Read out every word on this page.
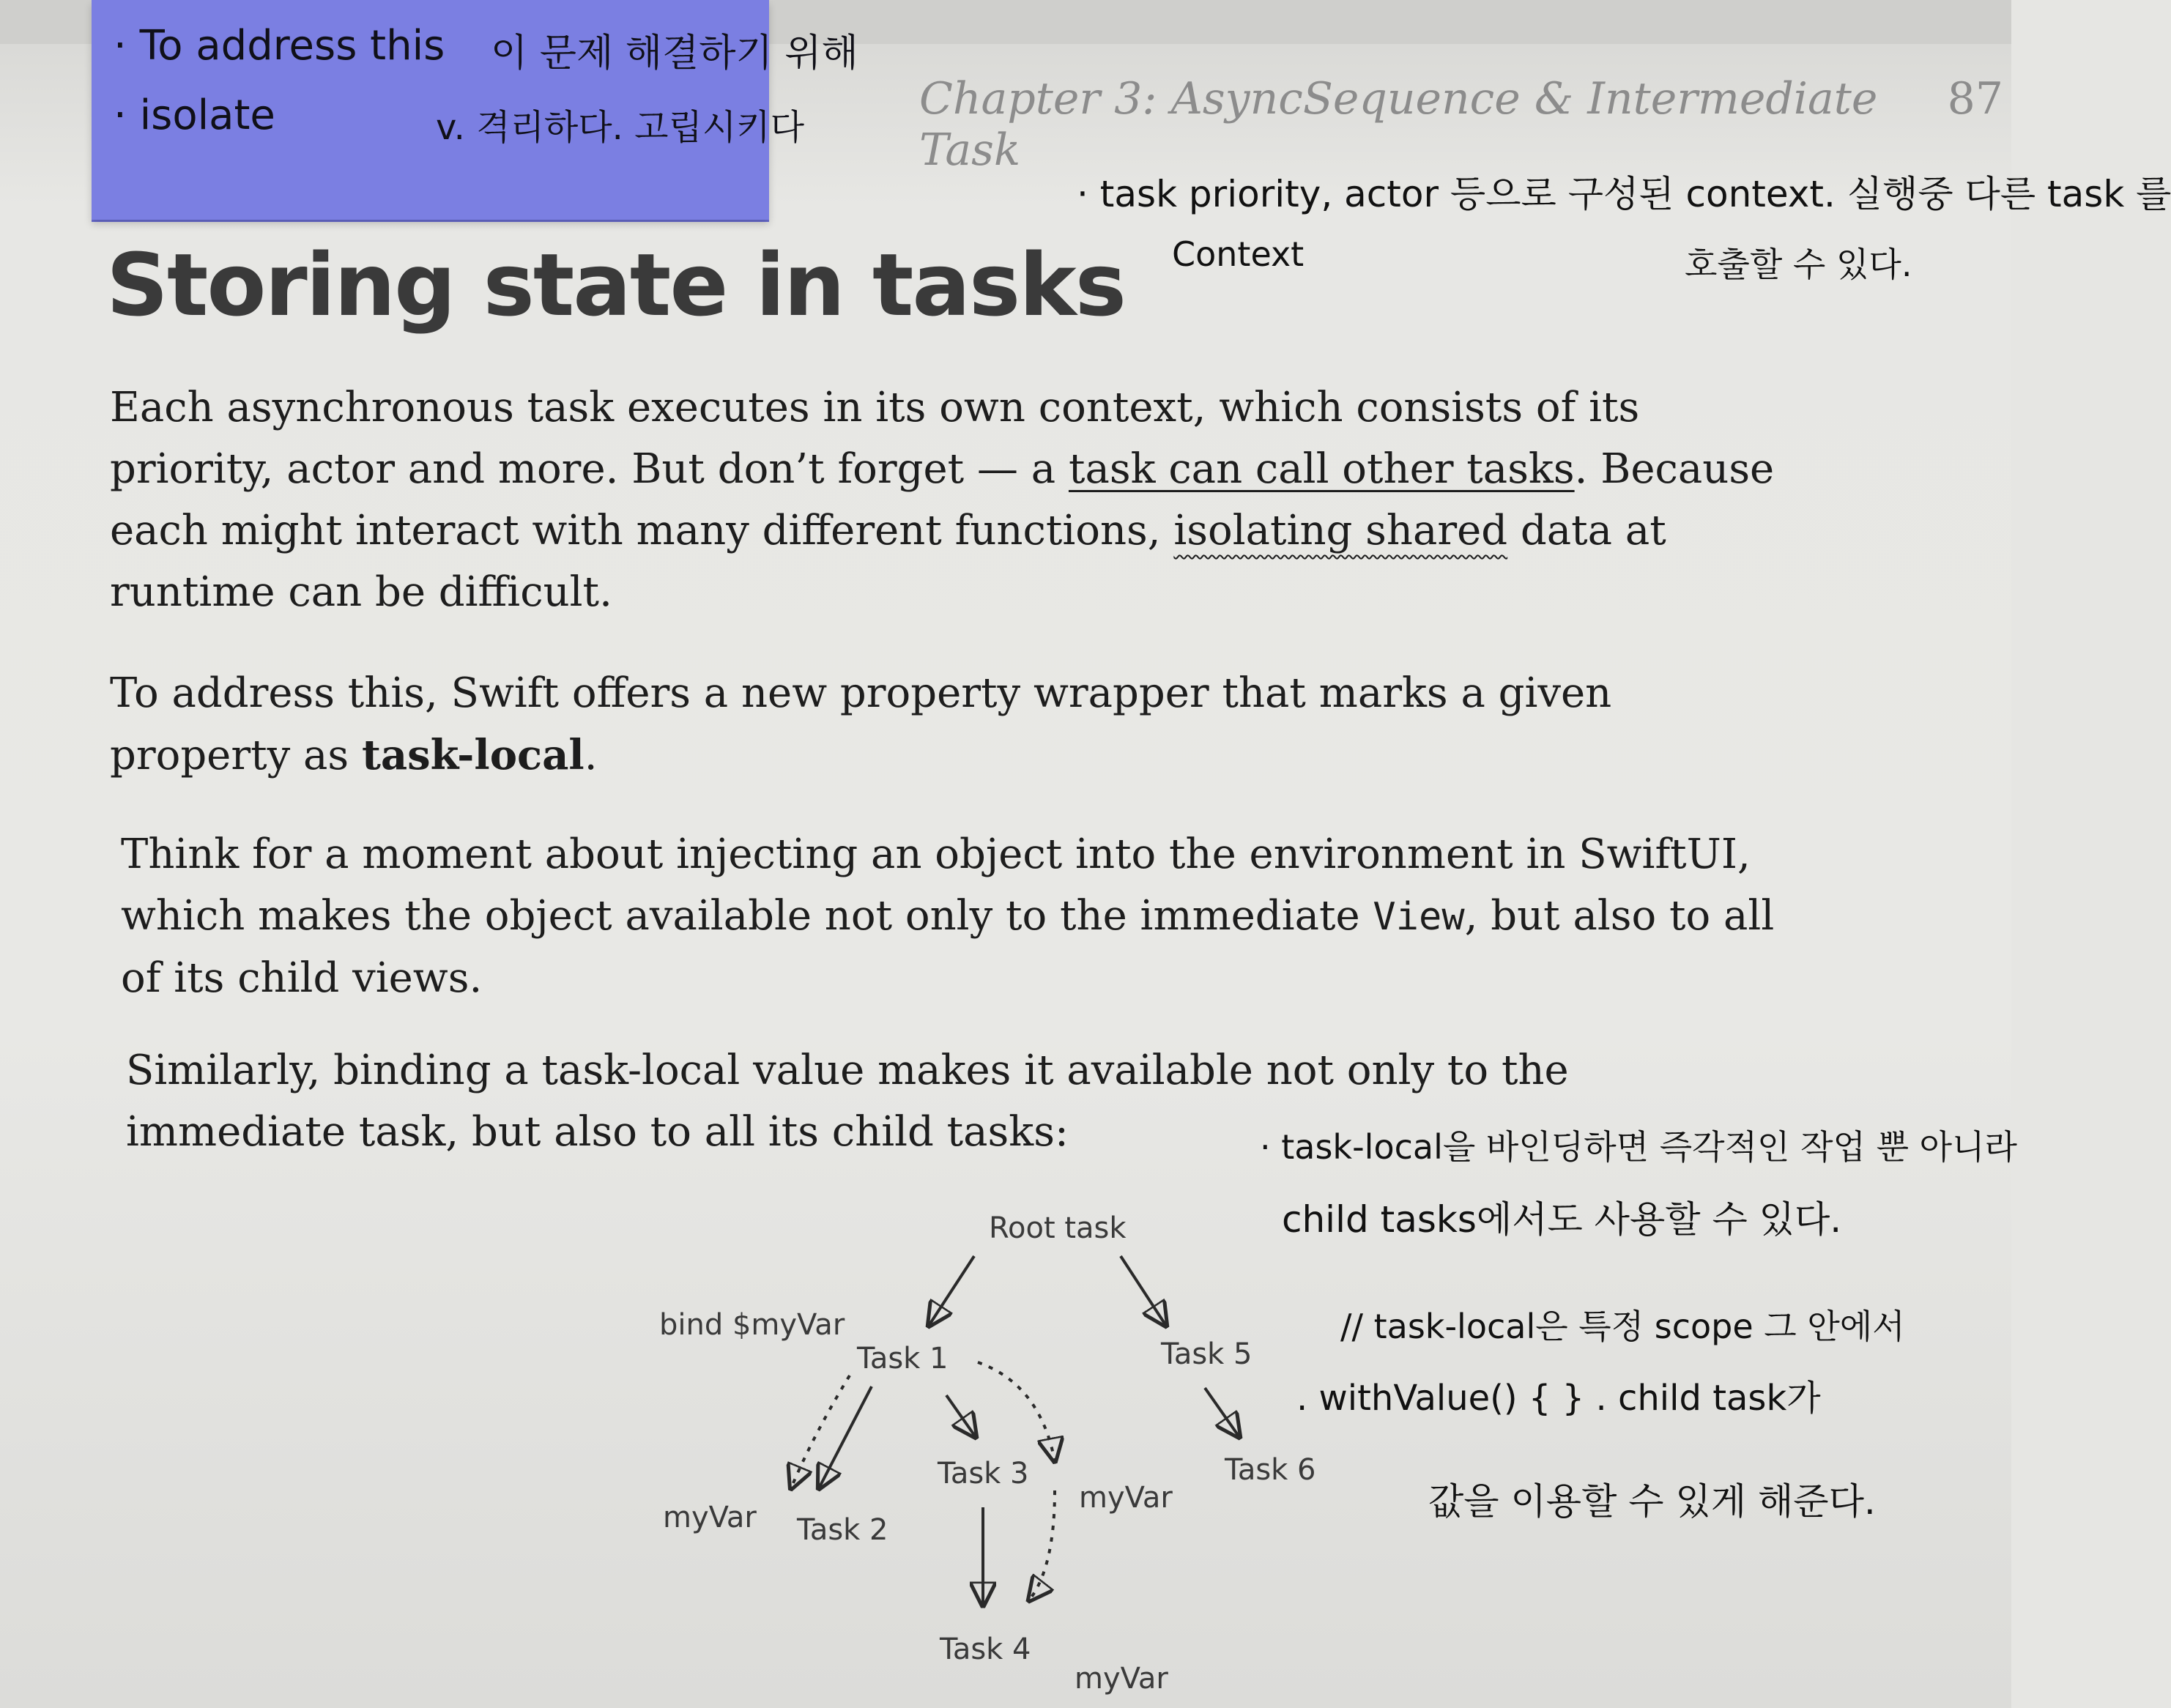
· To address this 이 문제 해결하기 위해
· isolate	v. 격리하다. 고립시키다
Chapter 3: AsyncSequence & Intermediate Task
87
· task priority, actor 등으로 구성된 context. 실행중 다른 task 를
Context	호출할 수 있다.
Storing state in tasks
Each asynchronous task executes in its own context, which consists of its priority, actor and more. But don’t forget — a task can call other tasks. Because each might interact with many different functions, isolating shared data at runtime can be difficult.
To address this, Swift offers a new property wrapper that marks a given property as task-local.
Think for a moment about injecting an object into the environment in SwiftUI, which makes the object available not only to the immediate View, but also to all of its child views.
Similarly, binding a task-local value makes it available not only to the immediate task, but also to all its child tasks:	· task-local을 바인딩하면 즉각적인 작업 뿐 아니라
child tasks에서도 사용할 수 있다.
// task-local은 특정 scope 그 안에서
. withValue() { } . child task가
값을 이용할 수 있게 해준다.
Root task
bind $myVar
Task 1	Task 5
Task 3	Task 6
myVar Task 2
myVar
Task 4
myVar
